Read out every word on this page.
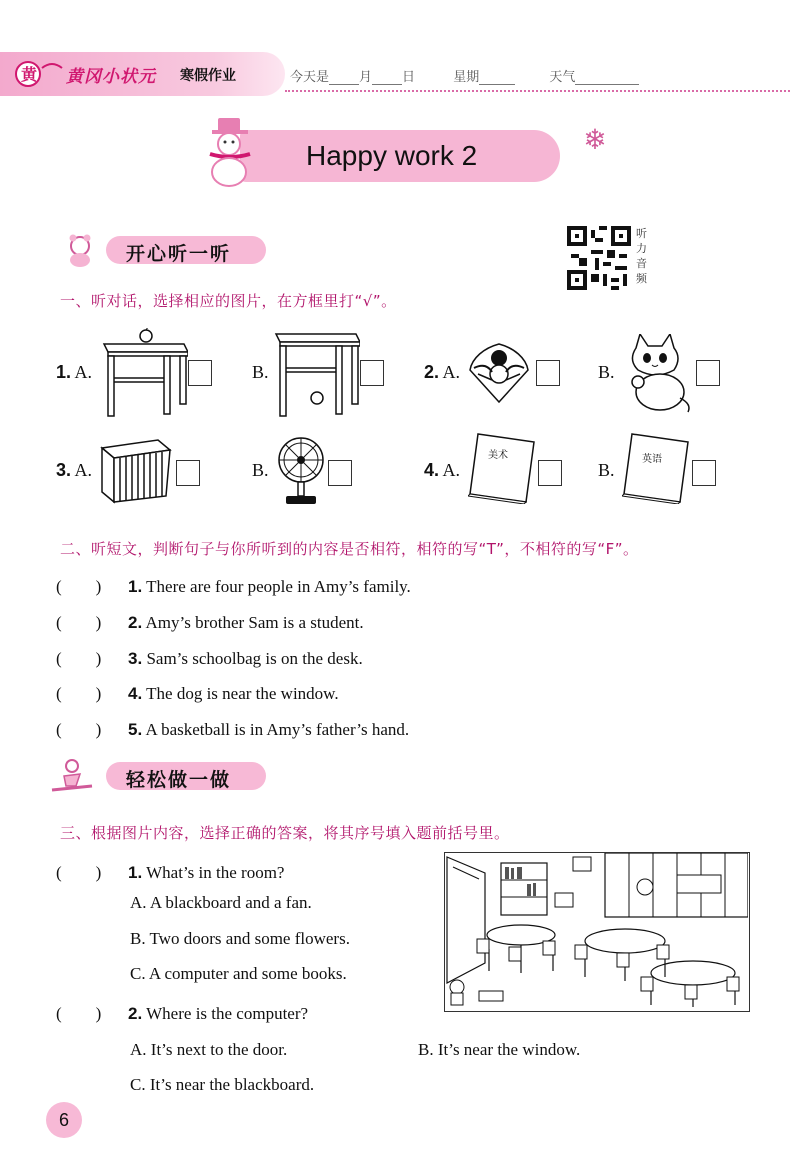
黄 黄冈小状元 寒假作业	今天是 月 日	星期	天气
Happy work 2	❄
开心听一听
听
力
音
频
一、听对话，选择相应的图片，在方框里打“√”。
1. A.	B.	2. A.	B.
3. A.	B.	4. A.
美术
B.
英语
二、听短文，判断句子与你所听到的内容是否相符，相符的写“T”，不相符的写“F”。
(　　) 1. There are four people in Amy’s family.
(　　) 2. Amy’s brother Sam is a student.
(　　) 3. Sam’s schoolbag is on the desk.
(　　) 4. The dog is near the window.
(　　) 5. A basketball is in Amy’s father’s hand.
轻松做一做
三、根据图片内容，选择正确的答案，将其序号填入题前括号里。
(　　) 1. What’s in the room?
A. A blackboard and a fan.
B. Two doors and some flowers.
C. A computer and some books.
(　　) 2. Where is the computer?
A. It’s next to the door.	B. It’s near the window.
C. It’s near the blackboard.
6
